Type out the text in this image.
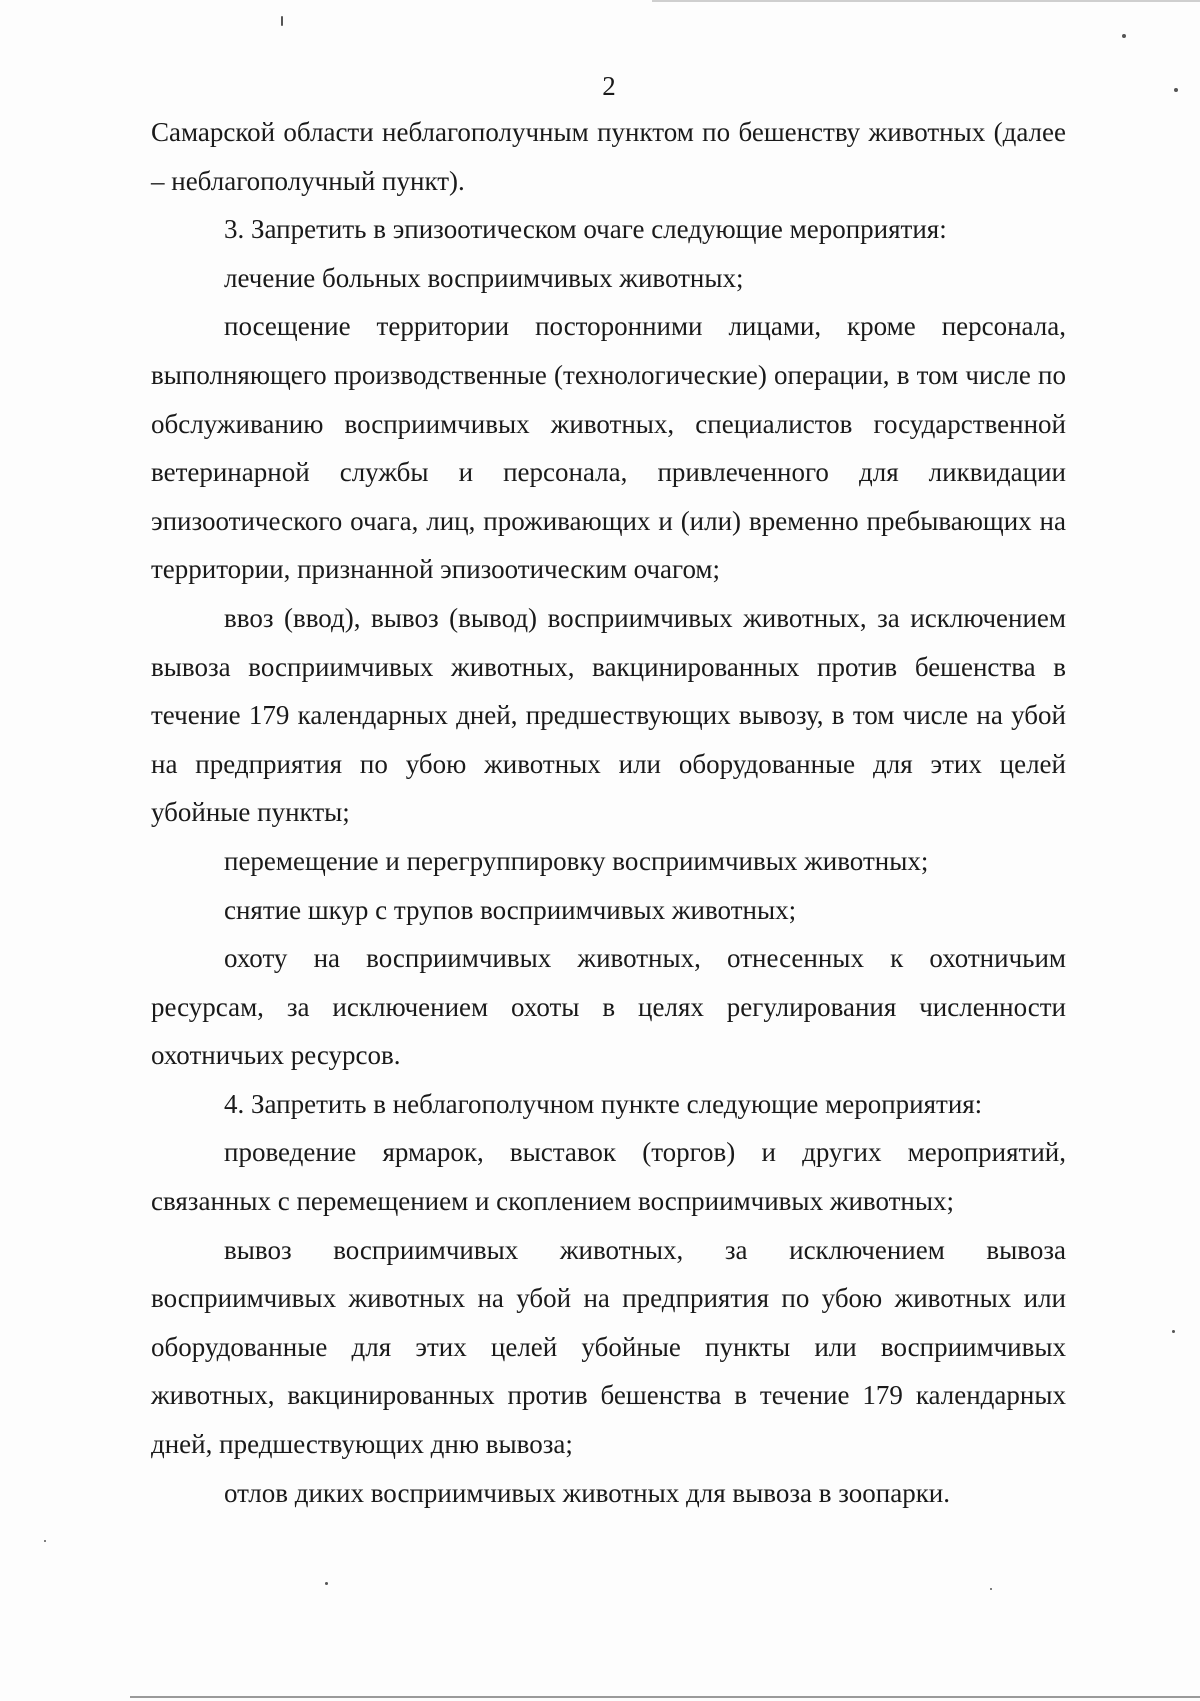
2

Самарской области неблагополучным пунктом по бешенству животных (далее – неблагополучный пункт).

3. Запретить в эпизоотическом очаге следующие мероприятия:

лечение больных восприимчивых животных;

посещение территории посторонними лицами, кроме персонала, выполняющего производственные (технологические) операции, в том числе по обслуживанию восприимчивых животных, специалистов государственной ветеринарной службы и персонала, привлеченного для ликвидации эпизоотического очага, лиц, проживающих и (или) временно пребывающих на территории, признанной эпизоотическим очагом;

ввоз (ввод), вывоз (вывод) восприимчивых животных, за исключением вывоза восприимчивых животных, вакцинированных против бешенства в течение 179 календарных дней, предшествующих вывозу, в том числе на убой на предприятия по убою животных или оборудованные для этих целей убойные пункты;

перемещение и перегруппировку восприимчивых животных;

снятие шкур с трупов восприимчивых животных;

охоту на восприимчивых животных, отнесенных к охотничьим ресурсам, за исключением охоты в целях регулирования численности охотничьих ресурсов.

4. Запретить в неблагополучном пункте следующие мероприятия:

проведение ярмарок, выставок (торгов) и других мероприятий, связанных с перемещением и скоплением восприимчивых животных;

вывоз восприимчивых животных, за исключением вывоза восприимчивых животных на убой на предприятия по убою животных или оборудованные для этих целей убойные пункты или восприимчивых животных, вакцинированных против бешенства в течение 179 календарных дней, предшествующих дню вывоза;

отлов диких восприимчивых животных для вывоза в зоопарки.
